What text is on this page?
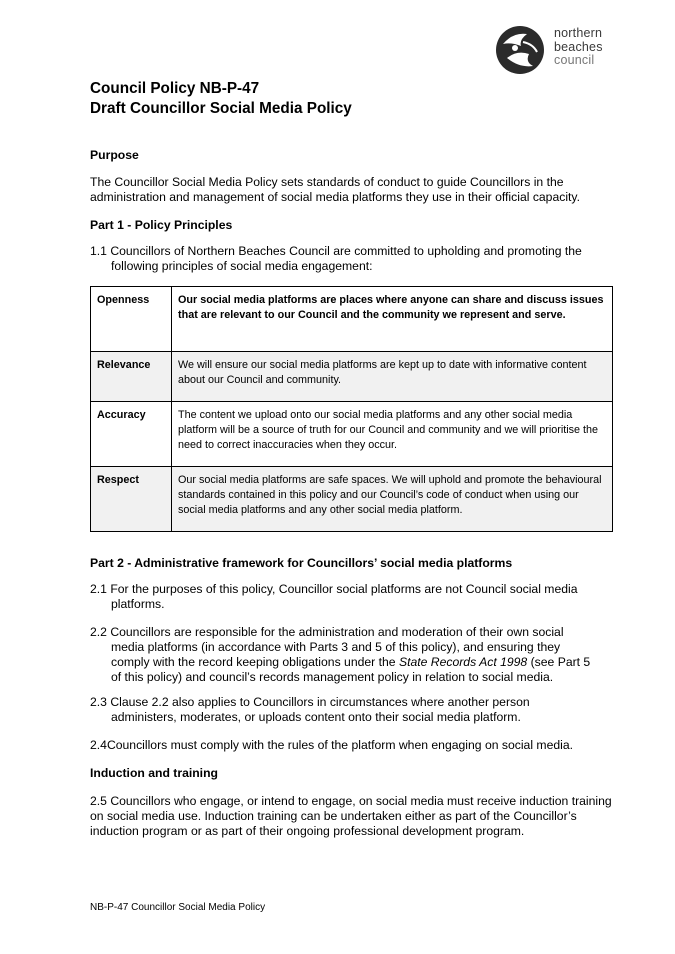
northern
beaches
council
Council Policy NB-P-47
Draft Councillor Social Media Policy
Purpose
The Councillor Social Media Policy sets standards of conduct to guide Councillors in the administration and management of social media platforms they use in their official capacity.
Part 1 - Policy Principles
1.1 Councillors of Northern Beaches Council are committed to upholding and promoting the
following principles of social media engagement:
Openness	Our social media platforms are places where anyone can share and discuss issues that are relevant to our Council and the community we represent and serve.
Relevance	We will ensure our social media platforms are kept up to date with informative content about our Council and community.
Accuracy	The content we upload onto our social media platforms and any other social media platform will be a source of truth for our Council and community and we will prioritise the need to correct inaccuracies when they occur.
Respect	Our social media platforms are safe spaces. We will uphold and promote the behavioural standards contained in this policy and our Council’s code of conduct when using our social media platforms and any other social media platform.
Part 2 - Administrative framework for Councillors’ social media platforms
2.1 For the purposes of this policy, Councillor social platforms are not Council social media
platforms.
2.2 Councillors are responsible for the administration and moderation of their own social
media platforms (in accordance with Parts 3 and 5 of this policy), and ensuring they
comply with the record keeping obligations under the State Records Act 1998 (see Part 5
of this policy) and council’s records management policy in relation to social media.
2.3 Clause 2.2 also applies to Councillors in circumstances where another person
administers, moderates, or uploads content onto their social media platform.
2.4Councillors must comply with the rules of the platform when engaging on social media.
Induction and training
2.5 Councillors who engage, or intend to engage, on social media must receive induction training on social media use. Induction training can be undertaken either as part of the Councillor’s induction program or as part of their ongoing professional development program.
NB-P-47 Councillor Social Media Policy
